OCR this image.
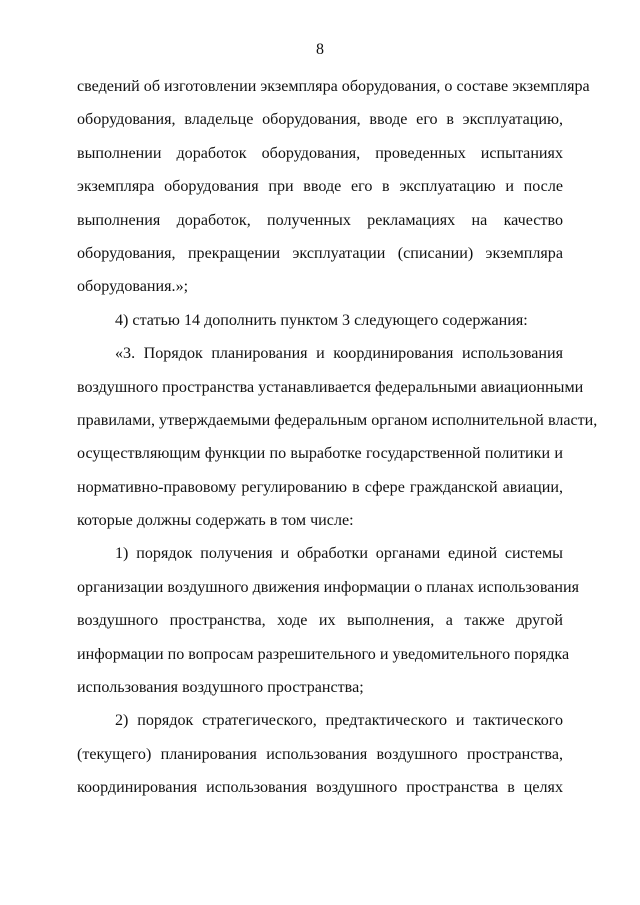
8
сведений об изготовлении экземпляра оборудования, о составе экземпляра
оборудования, владельце оборудования, вводе его в эксплуатацию,
выполнении доработок оборудования, проведенных испытаниях
экземпляра оборудования при вводе его в эксплуатацию и после
выполнения доработок, полученных рекламациях на качество
оборудования, прекращении эксплуатации (списании) экземпляра
оборудования.»;
4) статью 14 дополнить пунктом 3 следующего содержания:
«3. Порядок планирования и координирования использования
воздушного пространства устанавливается федеральными авиационными
правилами, утверждаемыми федеральным органом исполнительной власти,
осуществляющим функции по выработке государственной политики и
нормативно-правовому регулированию в сфере гражданской авиации,
которые должны содержать в том числе:
1) порядок получения и обработки органами единой системы
организации воздушного движения информации о планах использования
воздушного пространства, ходе их выполнения, а также другой
информации по вопросам разрешительного и уведомительного порядка
использования воздушного пространства;
2) порядок стратегического, предтактического и тактического
(текущего) планирования использования воздушного пространства,
координирования использования воздушного пространства в целях
